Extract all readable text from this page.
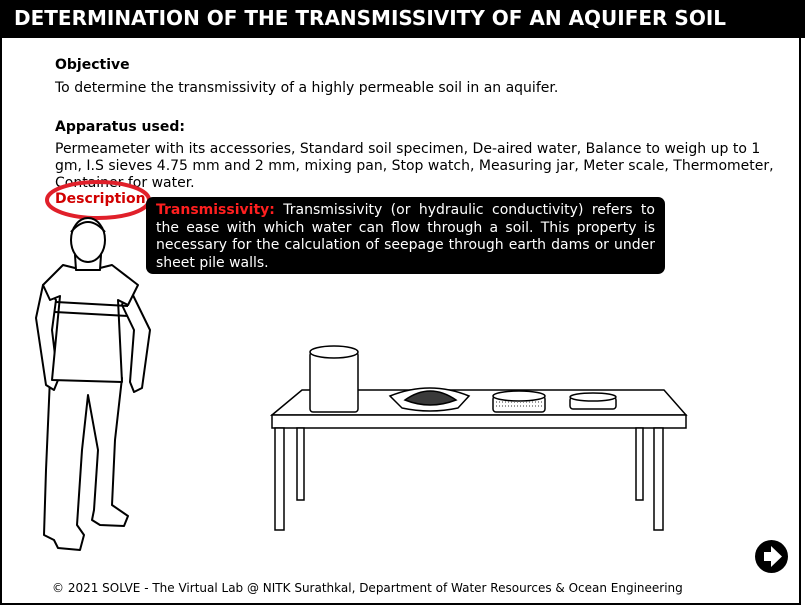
DETERMINATION OF THE TRANSMISSIVITY OF AN AQUIFER SOIL
Objective
To determine the transmissivity of a highly permeable soil in an aquifer.
Apparatus used:
Permeameter with its accessories, Standard soil specimen, De-aired water, Balance to weigh up to 1
gm, I.S sieves 4.75 mm and 2 mm, mixing pan, Stop watch, Measuring jar, Meter scale, Thermometer,
Container for water.
Description
Transmissivity: Transmissivity (or hydraulic conductivity) refers to the ease with which water can flow through a soil. This property is necessary for the calculation of seepage through earth dams or under sheet pile walls.
© 2021 SOLVE - The Virtual Lab @ NITK Surathkal, Department of Water Resources & Ocean Engineering
